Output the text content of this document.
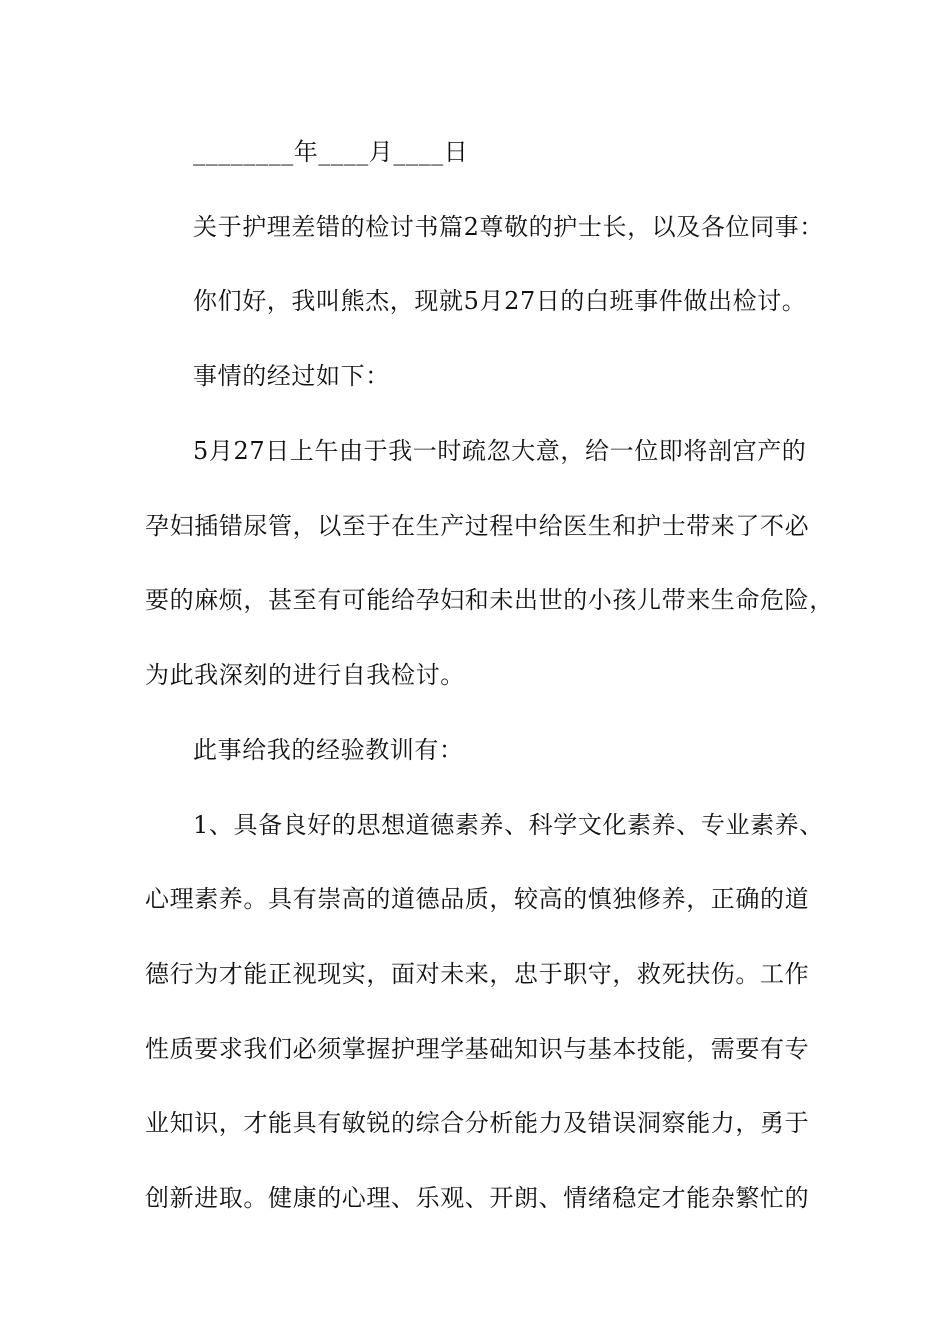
________年____月____日
关于护理差错的检讨书篇2尊敬的护士长，以及各位同事：
你们好，我叫熊杰，现就5月27日的白班事件做出检讨。
事情的经过如下：
5月27日上午由于我一时疏忽大意，给一位即将剖宫产的
孕妇插错尿管，以至于在生产过程中给医生和护士带来了不必
要的麻烦，甚至有可能给孕妇和未出世的小孩儿带来生命危险，
为此我深刻的进行自我检讨。
此事给我的经验教训有：
1、具备良好的思想道德素养、科学文化素养、专业素养、
心理素养。具有崇高的道德品质，较高的慎独修养，正确的道
德行为才能正视现实，面对未来，忠于职守，救死扶伤。工作
性质要求我们必须掌握护理学基础知识与基本技能，需要有专
业知识，才能具有敏锐的综合分析能力及错误洞察能力，勇于
创新进取。健康的心理、乐观、开朗、情绪稳定才能杂繁忙的
